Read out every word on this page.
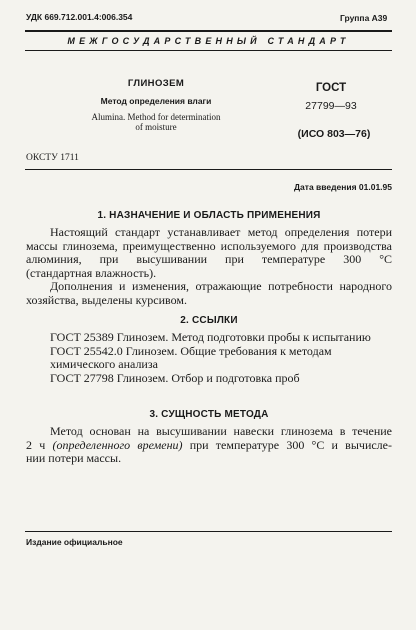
УДК 669.712.001.4:006.354	Группа А39
МЕЖГОСУДАРСТВЕННЫЙ СТАНДАРТ
ГЛИНОЗЕМ
Метод определения влаги
Alumina. Method for determination
of moisture
ГОСТ
27799—93
(ИСО 803—76)
ОКСТУ 1711
Дата введения 01.01.95
1. НАЗНАЧЕНИЕ И ОБЛАСТЬ ПРИМЕНЕНИЯ
Настоящий стандарт устанавливает метод определения потери
массы глинозема, преимущественно используемого для производства
алюминия, при высушивании при температуре 300 °С
(стандартная влажность).
Дополнения и изменения, отражающие потребности народного
хозяйства, выделены курсивом.
2. ССЫЛКИ
ГОСТ 25389 Глинозем. Метод подготовки пробы к испытанию
ГОСТ 25542.0 Глинозем. Общие требования к методам химического анализа
ГОСТ 27798 Глинозем. Отбор и подготовка проб
3. СУЩНОСТЬ МЕТОДА
Метод основан на высушивании навески глинозема в течение
2 ч (определенного времени) при температуре 300 °С и вычисле-
нии потери массы.
Издание официальное
